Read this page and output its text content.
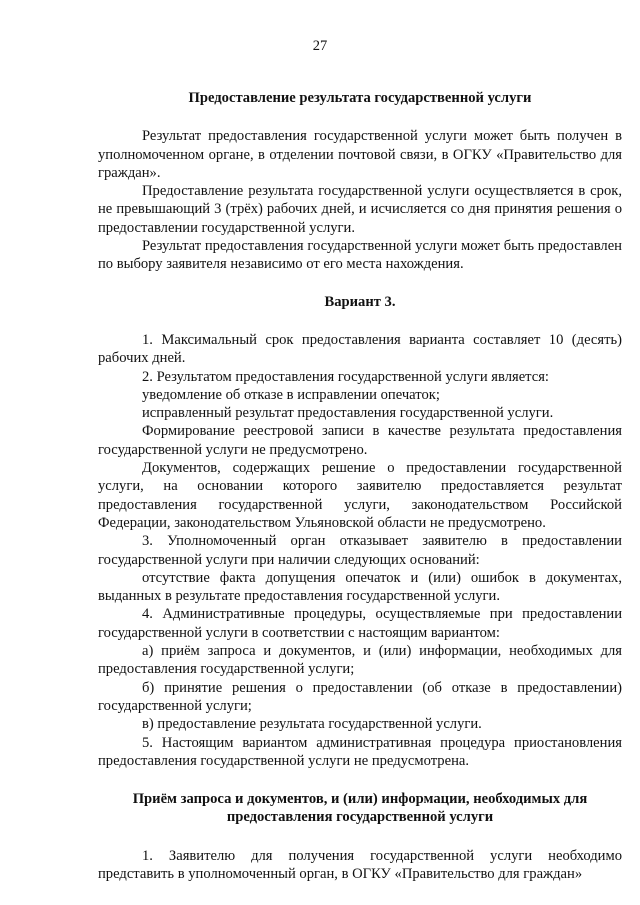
27

Предоставление результата государственной услуги

Результат предоставления государственной услуги может быть получен в уполномоченном органе, в отделении почтовой связи, в ОГКУ «Правительство для граждан».

Предоставление результата государственной услуги осуществляется в срок, не превышающий 3 (трёх) рабочих дней, и исчисляется со дня принятия решения о предоставлении государственной услуги.

Результат предоставления государственной услуги может быть предоставлен по выбору заявителя независимо от его места нахождения.

Вариант 3.

1. Максимальный срок предоставления варианта составляет 10 (десять) рабочих дней.

2. Результатом предоставления государственной услуги является:

уведомление об отказе в исправлении опечаток;

исправленный результат предоставления государственной услуги.

Формирование реестровой записи в качестве результата предоставления государственной услуги не предусмотрено.

Документов, содержащих решение о предоставлении государственной услуги, на основании которого заявителю предоставляется результат предоставления государственной услуги, законодательством Российской Федерации, законодательством Ульяновской области не предусмотрено.

3. Уполномоченный орган отказывает заявителю в предоставлении государственной услуги при наличии следующих оснований:

отсутствие факта допущения опечаток и (или) ошибок в документах, выданных в результате предоставления государственной услуги.

4. Административные процедуры, осуществляемые при предоставлении государственной услуги в соответствии с настоящим вариантом:

а) приём запроса и документов, и (или) информации, необходимых для предоставления государственной услуги;

б) принятие решения о предоставлении (об отказе в предоставлении) государственной услуги;

в) предоставление результата государственной услуги.

5. Настоящим вариантом административная процедура приостановления предоставления государственной услуги не предусмотрена.

Приём запроса и документов, и (или) информации, необходимых для

предоставления государственной услуги

1. Заявителю для получения государственной услуги необходимо представить в уполномоченный орган, в ОГКУ «Правительство для граждан»
